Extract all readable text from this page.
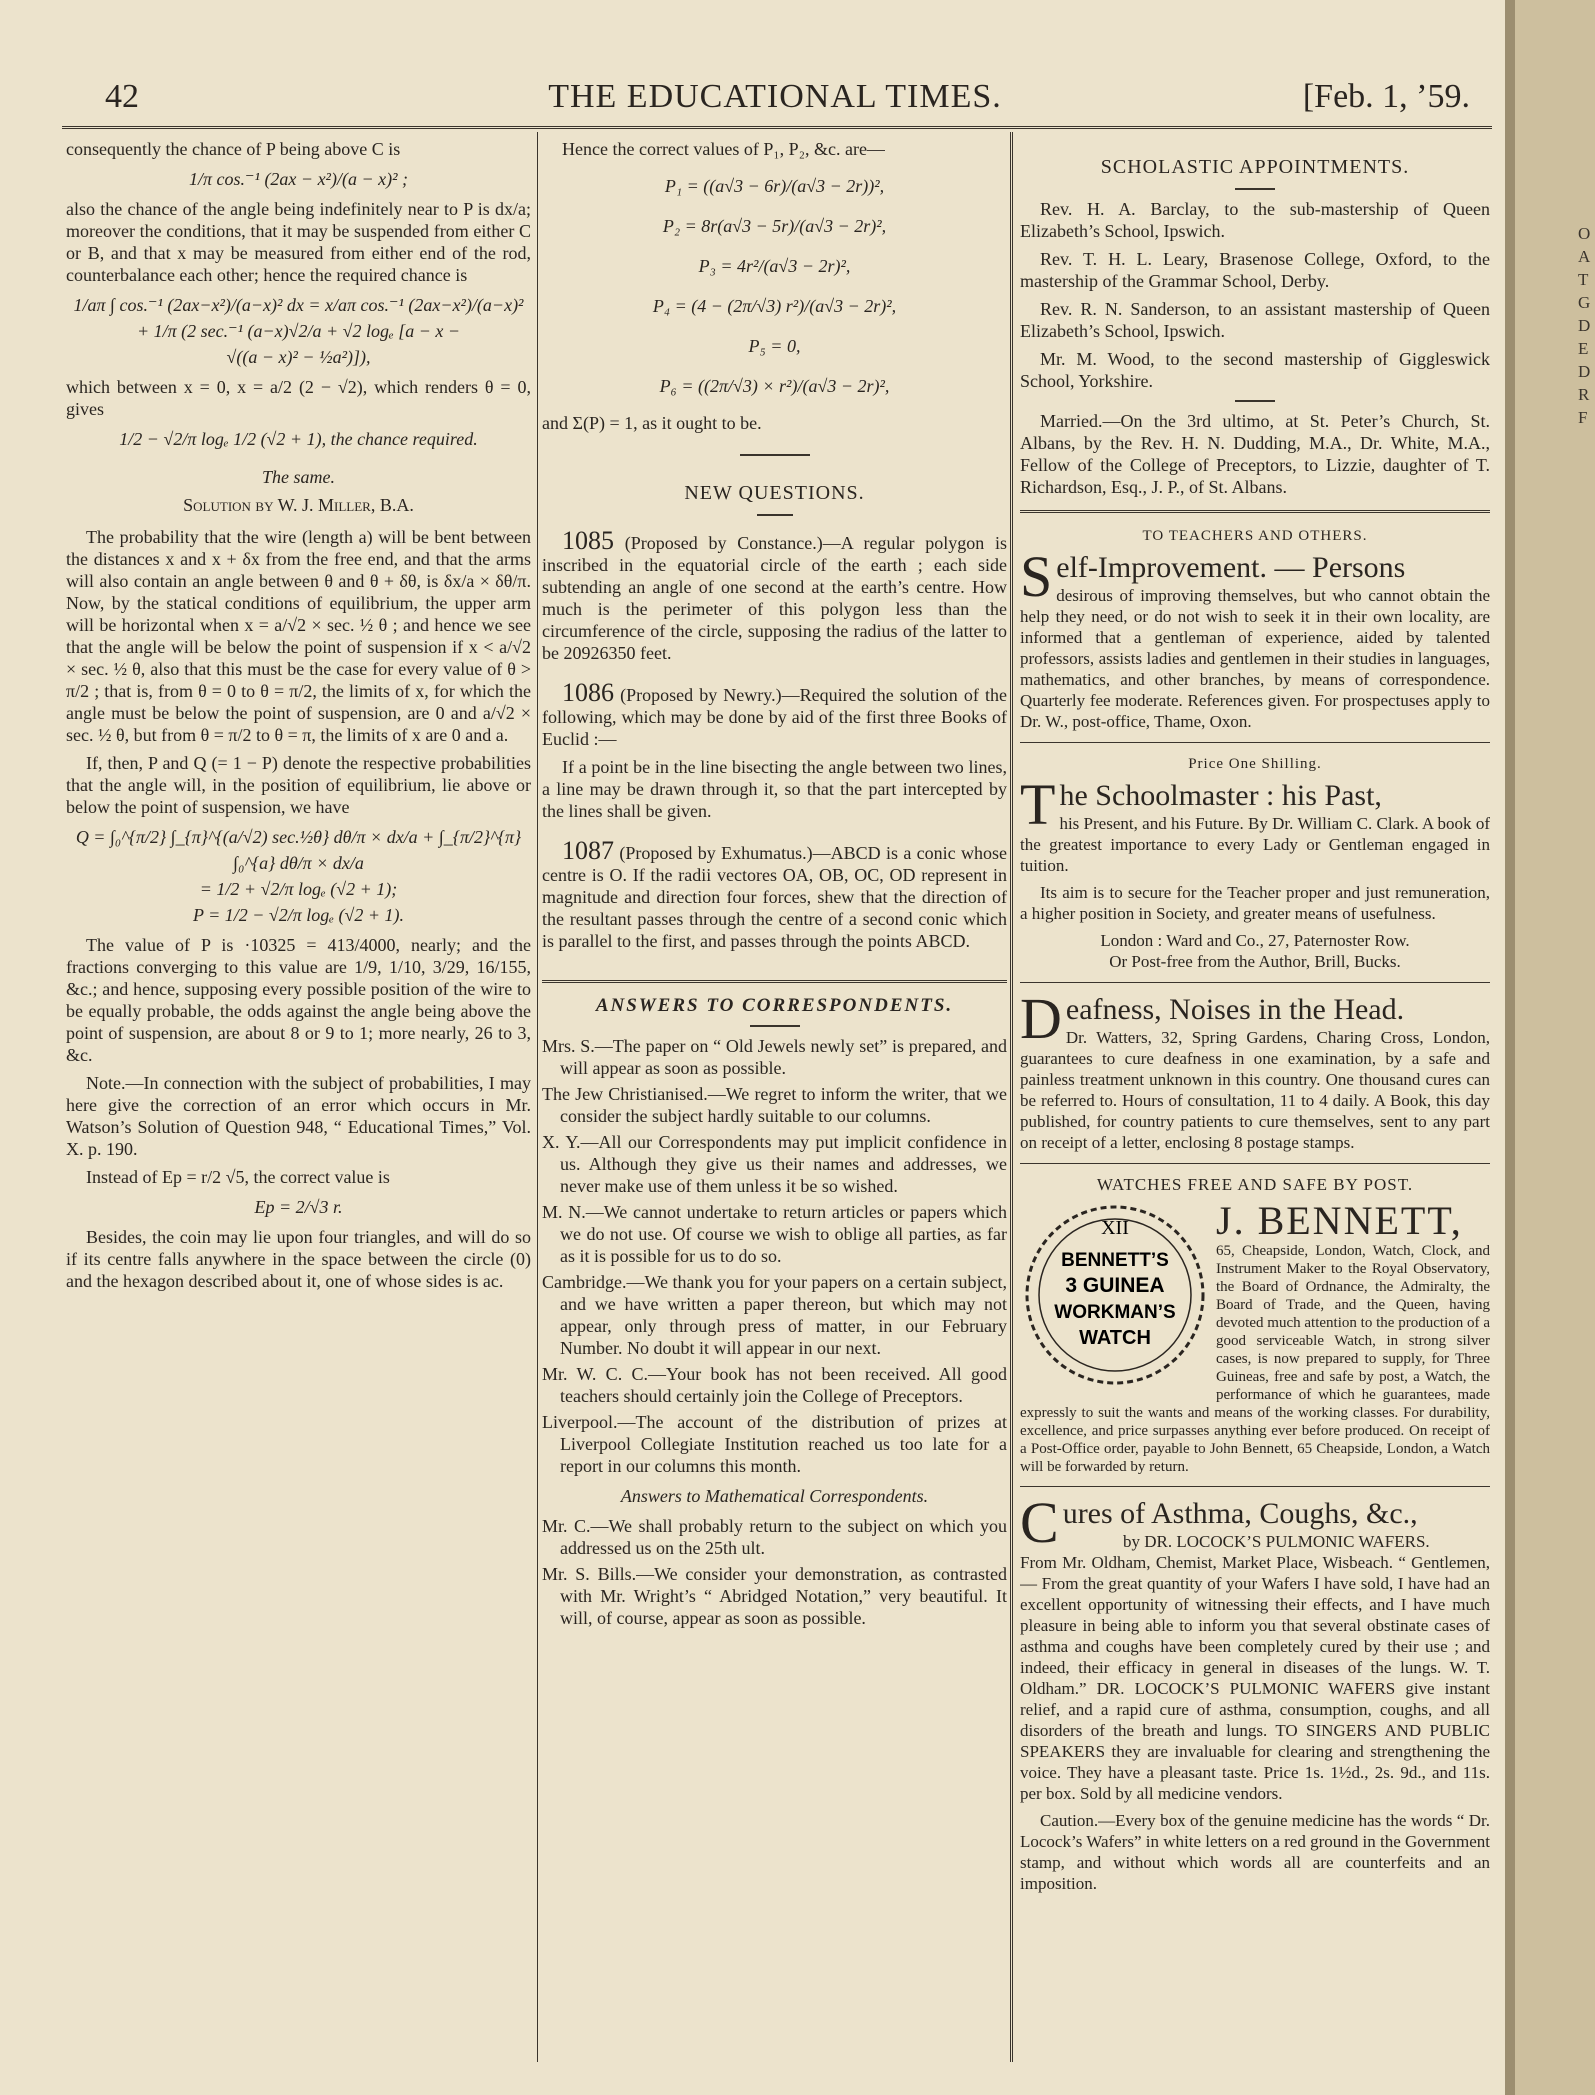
O A T G D E D R F
42	THE EDUCATIONAL TIMES.	[Feb. 1, ’59.

consequently the chance of P being above C is

1/π cos.⁻¹ (2ax − x²)/(a − x)² ;

also the chance of the angle being indefinitely near to P is dx/a; moreover the conditions, that it may be suspended from either C or B, and that x may be measured from either end of the rod, counterbalance each other; hence the required chance is

1/aπ ∫ cos.⁻¹ (2ax−x²)/(a−x)² dx = x/aπ cos.⁻¹ (2ax−x²)/(a−x)²
+ 1/π (2 sec.⁻¹ (a−x)√2/a + √2 logₑ [a − x −
√((a − x)² − ½a²)]),

which between x = 0, x = a/2 (2 − √2), which renders θ = 0, gives

1/2 − √2/π logₑ 1/2 (√2 + 1), the chance required.

The same.

Solution by W. J. Miller, B.A.

The probability that the wire (length a) will be bent between the distances x and x + δx from the free end, and that the arms will also contain an angle between θ and θ + δθ, is δx/a × δθ/π. Now, by the statical conditions of equilibrium, the upper arm will be horizontal when x = a/√2 × sec. ½ θ ; and hence we see that the angle will be below the point of suspension if x < a/√2 × sec. ½ θ, also that this must be the case for every value of θ > π/2 ; that is, from θ = 0 to θ = π/2, the limits of x, for which the angle must be below the point of suspension, are 0 and a/√2 × sec. ½ θ, but from θ = π/2 to θ = π, the limits of x are 0 and a.

If, then, P and Q (= 1 − P) denote the respective probabilities that the angle will, in the position of equilibrium, lie above or below the point of suspension, we have

Q = ∫₀^{π/2} ∫_{π}^{(a/√2) sec.½θ} dθ/π × dx/a + ∫_{π/2}^{π} ∫₀^{a} dθ/π × dx/a
= 1/2 + √2/π logₑ (√2 + 1);
P = 1/2 − √2/π logₑ (√2 + 1).

The value of P is ·10325 = 413/4000, nearly; and the fractions converging to this value are 1/9, 1/10, 3/29, 16/155, &c.; and hence, supposing every possible position of the wire to be equally probable, the odds against the angle being above the point of suspension, are about 8 or 9 to 1; more nearly, 26 to 3, &c.

Note.—In connection with the subject of probabilities, I may here give the correction of an error which occurs in Mr. Watson’s Solution of Question 948, “ Educational Times,” Vol. X. p. 190.

Instead of Ep = r/2 √5, the correct value is

Ep = 2/√3 r.

Besides, the coin may lie upon four triangles, and will do so if its centre falls anywhere in the space between the circle (0) and the hexagon described about it, one of whose sides is ac.

Hence the correct values of P₁, P₂, &c. are—

P₁ = ((a√3 − 6r)/(a√3 − 2r))²,
P₂ = 8r(a√3 − 5r)/(a√3 − 2r)²,
P₃ = 4r²/(a√3 − 2r)²,
P₄ = (4 − (2π/√3) r²)/(a√3 − 2r)²,
P₅ = 0,
P₆ = ((2π/√3) × r²)/(a√3 − 2r)²,

and Σ(P) = 1, as it ought to be.

NEW QUESTIONS.

1085 (Proposed by Constance.)—A regular polygon is inscribed in the equatorial circle of the earth ; each side subtending an angle of one second at the earth’s centre. How much is the perimeter of this polygon less than the circumference of the circle, supposing the radius of the latter to be 20926350 feet.

1086 (Proposed by Newry.)—Required the solution of the following, which may be done by aid of the first three Books of Euclid :—

If a point be in the line bisecting the angle between two lines, a line may be drawn through it, so that the part intercepted by the lines shall be given.

1087 (Proposed by Exhumatus.)—ABCD is a conic whose centre is O. If the radii vectores OA, OB, OC, OD represent in magnitude and direction four forces, shew that the direction of the resultant passes through the centre of a second conic which is parallel to the first, and passes through the points ABCD.

ANSWERS TO CORRESPONDENTS.

Mrs. S.—The paper on “ Old Jewels newly set” is prepared, and will appear as soon as possible.

The Jew Christianised.—We regret to inform the writer, that we consider the subject hardly suitable to our columns.

X. Y.—All our Correspondents may put implicit confidence in us. Although they give us their names and addresses, we never make use of them unless it be so wished.

M. N.—We cannot undertake to return articles or papers which we do not use. Of course we wish to oblige all parties, as far as it is possible for us to do so.

Cambridge.—We thank you for your papers on a certain subject, and we have written a paper thereon, but which may not appear, only through press of matter, in our February Number. No doubt it will appear in our next.

Mr. W. C. C.—Your book has not been received. All good teachers should certainly join the College of Preceptors.

Liverpool.—The account of the distribution of prizes at Liverpool Collegiate Institution reached us too late for a report in our columns this month.

Answers to Mathematical Correspondents.

Mr. C.—We shall probably return to the subject on which you addressed us on the 25th ult.

Mr. S. Bills.—We consider your demonstration, as contrasted with Mr. Wright’s “ Abridged Notation,” very beautiful. It will, of course, appear as soon as possible.

SCHOLASTIC APPOINTMENTS.

Rev. H. A. Barclay, to the sub-mastership of Queen Elizabeth’s School, Ipswich.

Rev. T. H. L. Leary, Brasenose College, Oxford, to the mastership of the Grammar School, Derby.

Rev. R. N. Sanderson, to an assistant mastership of Queen Elizabeth’s School, Ipswich.

Mr. M. Wood, to the second mastership of Giggleswick School, Yorkshire.

Married.—On the 3rd ultimo, at St. Peter’s Church, St. Albans, by the Rev. H. N. Dudding, M.A., Dr. White, M.A., Fellow of the College of Preceptors, to Lizzie, daughter of T. Richardson, Esq., J. P., of St. Albans.

TO TEACHERS AND OTHERS.
S elf-Improvement. — Persons
desirous of improving themselves, but who cannot obtain the help they need, or do not wish to seek it in their own locality, are informed that a gentleman of experience, aided by talented professors, assists ladies and gentlemen in their studies in languages, mathematics, and other branches, by means of correspondence. Quarterly fee moderate. References given. For prospectuses apply to Dr. W., post-office, Thame, Oxon.
Price One Shilling.
T he Schoolmaster : his Past,

his Present, and his Future. By Dr. William C. Clark. A book of the greatest importance to every Lady or Gentleman engaged in tuition.

Its aim is to secure for the Teacher proper and just remuneration, a higher position in Society, and greater means of usefulness.

London : Ward and Co., 27, Paternoster Row.

Or Post-free from the Author, Brill, Bucks.

D eafness, Noises in the Head.
Dr. Watters, 32, Spring Gardens, Charing Cross, London, guarantees to cure deafness in one examination, by a safe and painless treatment unknown in this country. One thousand cures can be referred to. Hours of consultation, 11 to 4 daily. A Book, this day published, for country patients to cure themselves, sent to any part on receipt of a letter, enclosing 8 postage stamps.
WATCHES FREE AND SAFE BY POST.
XII
BENNETT’S
3 GUINEA
WORKMAN’S
WATCH
J. BENNETT,
65, Cheapside, London, Watch, Clock, and Instrument Maker to the Royal Observatory, the Board of Ordnance, the Admiralty, the Board of Trade, and the Queen, having devoted much attention to the production of a good serviceable Watch, in strong silver cases, is now prepared to supply, for Three Guineas, free and safe by post, a Watch, the performance of which he guarantees, made expressly to suit the wants and means of the working classes. For durability, excellence, and price surpasses anything ever before produced. On receipt of a Post-Office order, payable to John Bennett, 65 Cheapside, London, a Watch will be forwarded by return.
C ures of Asthma, Coughs, &c.,
by DR. LOCOCK’S PULMONIC WAFERS.

From Mr. Oldham, Chemist, Market Place, Wisbeach. “ Gentlemen, — From the great quantity of your Wafers I have sold, I have had an excellent opportunity of witnessing their effects, and I have much pleasure in being able to inform you that several obstinate cases of asthma and coughs have been completely cured by their use ; and indeed, their efficacy in general in diseases of the lungs. W. T. Oldham.” DR. LOCOCK’S PULMONIC WAFERS give instant relief, and a rapid cure of asthma, consumption, coughs, and all disorders of the breath and lungs. TO SINGERS AND PUBLIC SPEAKERS they are invaluable for clearing and strengthening the voice. They have a pleasant taste. Price 1s. 1½d., 2s. 9d., and 11s. per box. Sold by all medicine vendors.

Caution.—Every box of the genuine medicine has the words “ Dr. Locock’s Wafers” in white letters on a red ground in the Government stamp, and without which words all are counterfeits and an imposition.
